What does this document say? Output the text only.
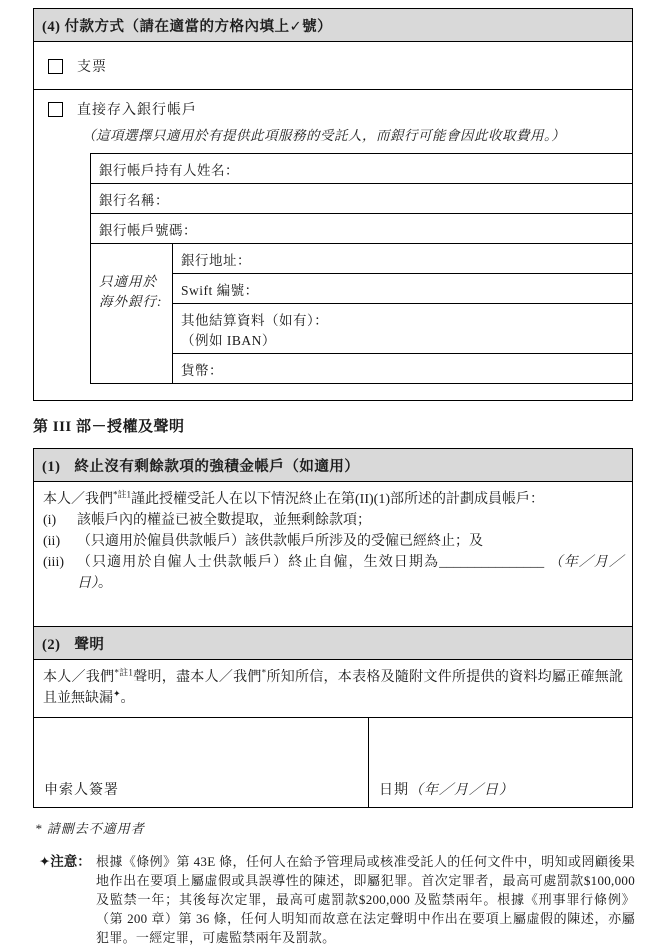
(4) 付款方式（請在適當的方格內填上✓號）
支票
直接存入銀行帳戶
（這項選擇只適用於有提供此項服務的受託人，而銀行可能會因此收取費用。）
銀行帳戶持有人姓名：
銀行名稱：
銀行帳戶號碼：
只適用於海外銀行:
銀行地址：
Swift 編號：
其他結算資料（如有）：
（例如 IBAN）
貨幣：
第 III 部－授權及聲明
(1) 終止沒有剩餘款項的強積金帳戶（如適用）

本人／我們$^{*註1}$謹此授權受託人在以下情況終止在第(II)(1)部所述的計劃成員帳戶：

(i)	該帳戶內的權益已被全數提取，並無剩餘款項；
(ii)	（只適用於僱員供款帳戶）該供款帳戶所涉及的受僱已經終止；及
(iii) （只適用於自僱人士供款帳戶）終止自僱，生效日期為_______________ （年／月／日）。
(2) 聲明

本人／我們$^{*註1}$聲明，盡本人／我們*所知所信，本表格及隨附文件所提供的資料均屬正確無訛且並無缺漏✦。

申索人簽署	日期（年／月／日）

* 請刪去不適用者

✦注意： 根據《條例》第 43E 條，任何人在給予管理局或核准受託人的任何文件中，明知或罔顧後果地作出在要項上屬虛假或具誤導性的陳述，即屬犯罪。首次定罪者，最高可處罰款$100,000 及監禁一年；其後每次定罪，最高可處罰款$200,000 及監禁兩年。根據《刑事罪行條例》（第 200 章）第 36 條，任何人明知而故意在法定聲明中作出在要項上屬虛假的陳述，亦屬犯罪。一經定罪，可處監禁兩年及罰款。
